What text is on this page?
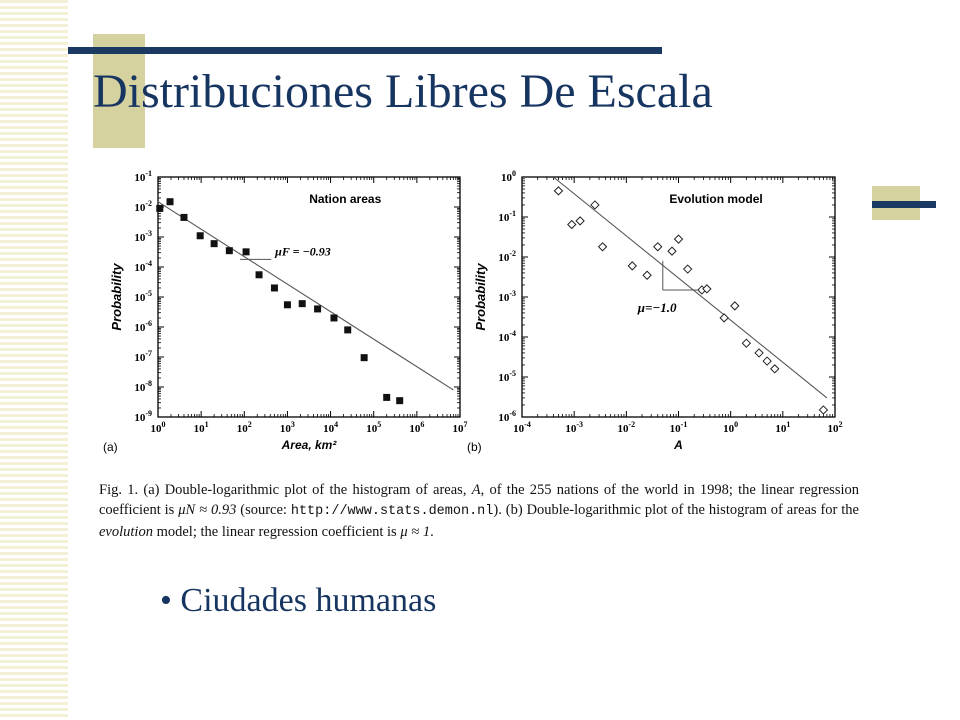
Distribuciones Libres De Escala
$10^0$	$10^1$	$10^2$	$10^3$	$10^4$	$10^5$	$10^6$	$10^7$
$10^{-1}$
$10^{-2}$
$10^{-3}$
$10^{-4}$
$10^{-5}$
$10^{-6}$
$10^{-7}$
$10^{-8}$
$10^{-9}$
Nation areas
Area, km²
Probability
(a)
μF = −0.93
$10^{-4}$	$10^{-3}$	$10^{-2}$	$10^{-1}$	$10^0$	$10^1$	$10^2$
$10^0$
$10^{-1}$
$10^{-2}$
$10^{-3}$
$10^{-4}$
$10^{-5}$
$10^{-6}$
Evolution model
A
Probability
(b)
μ=−1.0
Fig. 1. (a) Double-logarithmic plot of the histogram of areas, A, of the 255 nations of the world in 1998; the linear regression coefficient is μN ≈ 0.93 (source: http://www.stats.demon.nl). (b) Double-logarithmic plot of the histogram of areas for the evolution model; the linear regression coefficient is μ ≈ 1.
• Ciudades humanas
